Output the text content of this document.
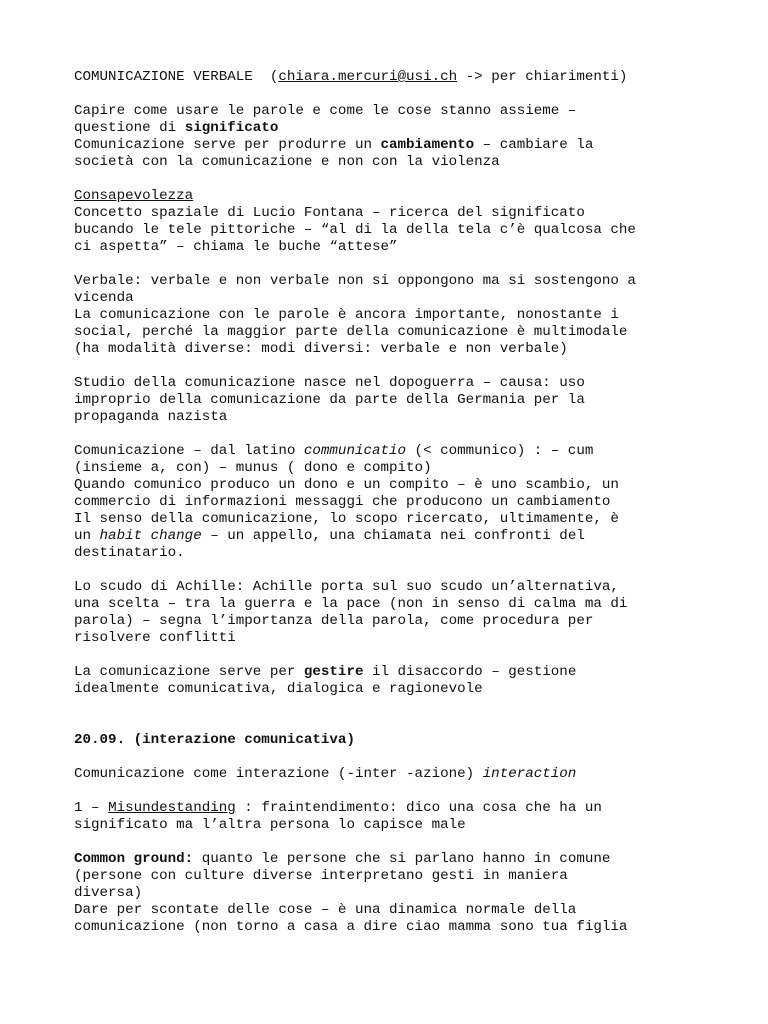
COMUNICAZIONE VERBALE  (chiara.mercuri@usi.ch -> per chiarimenti)
Capire come usare le parole e come le cose stanno assieme –
questione di significato
Comunicazione serve per produrre un cambiamento – cambiare la
società con la comunicazione e non con la violenza
Consapevolezza
Concetto spaziale di Lucio Fontana – ricerca del significato
bucando le tele pittoriche – “al di la della tela c’è qualcosa che
ci aspetta” – chiama le buche “attese”
Verbale: verbale e non verbale non si oppongono ma si sostengono a
vicenda
La comunicazione con le parole è ancora importante, nonostante i
social, perché la maggior parte della comunicazione è multimodale
(ha modalità diverse: modi diversi: verbale e non verbale)
Studio della comunicazione nasce nel dopoguerra – causa: uso
improprio della comunicazione da parte della Germania per la
propaganda nazista
Comunicazione – dal latino communicatio (< communico) : – cum
(insieme a, con) – munus ( dono e compito)
Quando comunico produco un dono e un compito – è uno scambio, un
commercio di informazioni messaggi che producono un cambiamento
Il senso della comunicazione, lo scopo ricercato, ultimamente, è
un habit change – un appello, una chiamata nei confronti del
destinatario.
Lo scudo di Achille: Achille porta sul suo scudo un’alternativa,
una scelta – tra la guerra e la pace (non in senso di calma ma di
parola) – segna l’importanza della parola, come procedura per
risolvere conflitti
La comunicazione serve per gestire il disaccordo – gestione
idealmente comunicativa, dialogica e ragionevole
20.09. (interazione comunicativa)
Comunicazione come interazione (-inter -azione) interaction
1 – Misundestanding : fraintendimento: dico una cosa che ha un
significato ma l’altra persona lo capisce male
Common ground: quanto le persone che si parlano hanno in comune
(persone con culture diverse interpretano gesti in maniera
diversa)
Dare per scontate delle cose – è una dinamica normale della
comunicazione (non torno a casa a dire ciao mamma sono tua figlia
